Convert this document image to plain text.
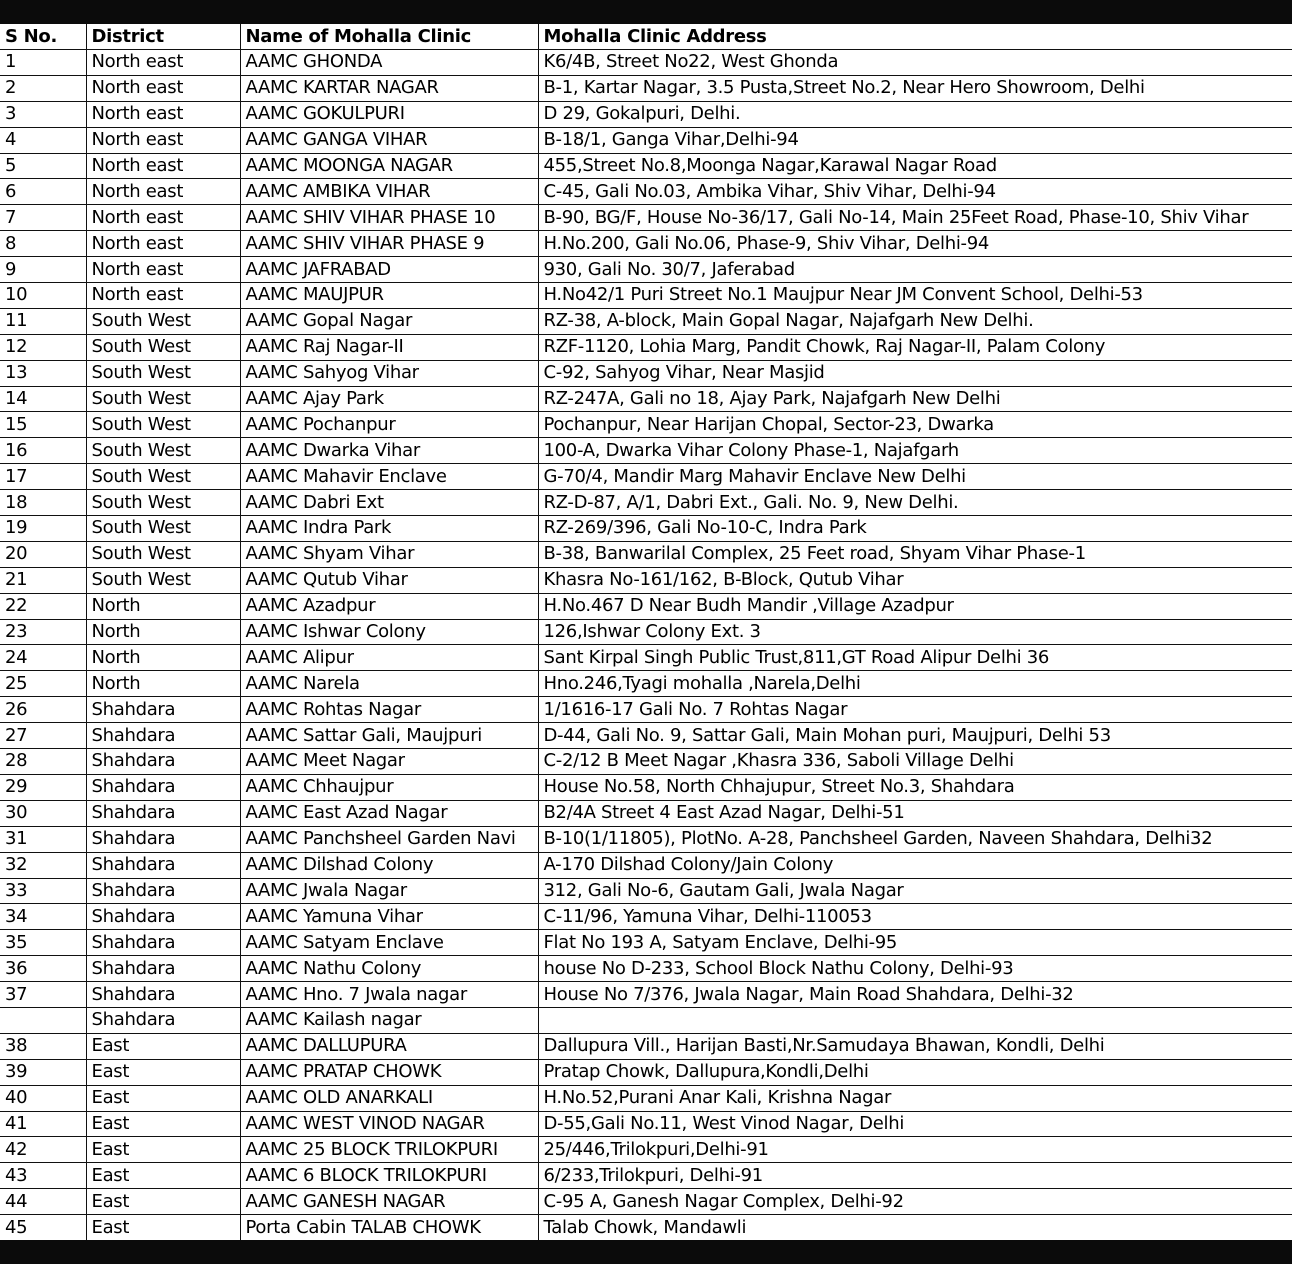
S No.	District	Name of Mohalla Clinic	Mohalla Clinic Address
1	North east	AAMC GHONDA	K6/4B, Street No22, West Ghonda
2	North east	AAMC KARTAR NAGAR	B-1, Kartar Nagar, 3.5 Pusta,Street No.2, Near Hero Showroom, Delhi
3	North east	AAMC GOKULPURI	D 29, Gokalpuri, Delhi.
4	North east	AAMC GANGA VIHAR	B-18/1, Ganga Vihar,Delhi-94
5	North east	AAMC MOONGA NAGAR	455,Street No.8,Moonga Nagar,Karawal Nagar Road
6	North east	AAMC AMBIKA VIHAR	C-45, Gali No.03, Ambika Vihar, Shiv Vihar, Delhi-94
7	North east	AAMC SHIV VIHAR PHASE 10	B-90, BG/F, House No-36/17, Gali No-14, Main 25Feet Road, Phase-10, Shiv Vihar
8	North east	AAMC SHIV VIHAR PHASE 9	H.No.200, Gali No.06, Phase-9, Shiv Vihar, Delhi-94
9	North east	AAMC JAFRABAD	930, Gali No. 30/7, Jaferabad
10	North east	AAMC MAUJPUR	H.No42/1 Puri Street No.1 Maujpur Near JM Convent School, Delhi-53
11	South West	AAMC Gopal Nagar	RZ-38, A-block, Main Gopal Nagar, Najafgarh New Delhi.
12	South West	AAMC Raj Nagar-II	RZF-1120, Lohia Marg, Pandit Chowk, Raj Nagar-II, Palam Colony
13	South West	AAMC Sahyog Vihar	C-92, Sahyog Vihar, Near Masjid
14	South West	AAMC Ajay Park	RZ-247A, Gali no 18, Ajay Park, Najafgarh New Delhi
15	South West	AAMC Pochanpur	Pochanpur, Near Harijan Chopal, Sector-23, Dwarka
16	South West	AAMC Dwarka Vihar	100-A, Dwarka Vihar Colony Phase-1, Najafgarh
17	South West	AAMC Mahavir Enclave	G-70/4, Mandir Marg Mahavir Enclave New Delhi
18	South West	AAMC Dabri Ext	RZ-D-87, A/1, Dabri Ext., Gali. No. 9, New Delhi.
19	South West	AAMC Indra Park	RZ-269/396, Gali No-10-C, Indra Park
20	South West	AAMC Shyam Vihar	B-38, Banwarilal Complex, 25 Feet road, Shyam Vihar Phase-1
21	South West	AAMC Qutub Vihar	Khasra No-161/162, B-Block, Qutub Vihar
22	North	AAMC Azadpur	H.No.467 D Near Budh Mandir ,Village Azadpur
23	North	AAMC Ishwar Colony	126,Ishwar Colony Ext. 3
24	North	AAMC Alipur	Sant Kirpal Singh Public Trust,811,GT Road Alipur Delhi 36
25	North	AAMC Narela	Hno.246,Tyagi mohalla ,Narela,Delhi
26	Shahdara	AAMC Rohtas Nagar	1/1616-17 Gali No. 7 Rohtas Nagar
27	Shahdara	AAMC Sattar Gali, Maujpuri	D-44, Gali No. 9, Sattar Gali, Main Mohan puri, Maujpuri, Delhi 53
28	Shahdara	AAMC Meet Nagar	C-2/12 B Meet Nagar ,Khasra 336, Saboli Village Delhi
29	Shahdara	AAMC Chhaujpur	House No.58, North Chhajupur, Street No.3, Shahdara
30	Shahdara	AAMC East Azad Nagar	B2/4A Street 4 East Azad Nagar, Delhi-51
31	Shahdara	AAMC Panchsheel Garden Navi	B-10(1/11805), PlotNo. A-28, Panchsheel Garden, Naveen Shahdara, Delhi32
32	Shahdara	AAMC Dilshad Colony	A-170 Dilshad Colony/Jain Colony
33	Shahdara	AAMC Jwala Nagar	312, Gali No-6, Gautam Gali, Jwala Nagar
34	Shahdara	AAMC Yamuna Vihar	C-11/96, Yamuna Vihar, Delhi-110053
35	Shahdara	AAMC Satyam Enclave	Flat No 193 A, Satyam Enclave, Delhi-95
36	Shahdara	AAMC Nathu Colony	house No D-233, School Block Nathu Colony, Delhi-93
37	Shahdara	AAMC Hno. 7 Jwala nagar	House No 7/376, Jwala Nagar, Main Road Shahdara, Delhi-32
	Shahdara	AAMC Kailash nagar	
38	East	AAMC DALLUPURA	Dallupura Vill., Harijan Basti,Nr.Samudaya Bhawan, Kondli, Delhi
39	East	AAMC PRATAP CHOWK	Pratap Chowk, Dallupura,Kondli,Delhi
40	East	AAMC OLD ANARKALI	H.No.52,Purani Anar Kali, Krishna Nagar
41	East	AAMC WEST VINOD NAGAR	D-55,Gali No.11, West Vinod Nagar, Delhi
42	East	AAMC 25 BLOCK TRILOKPURI	25/446,Trilokpuri,Delhi-91
43	East	AAMC 6 BLOCK TRILOKPURI	6/233,Trilokpuri, Delhi-91
44	East	AAMC GANESH NAGAR	C-95 A, Ganesh Nagar Complex, Delhi-92
45	East	Porta Cabin TALAB CHOWK	Talab Chowk, Mandawli
